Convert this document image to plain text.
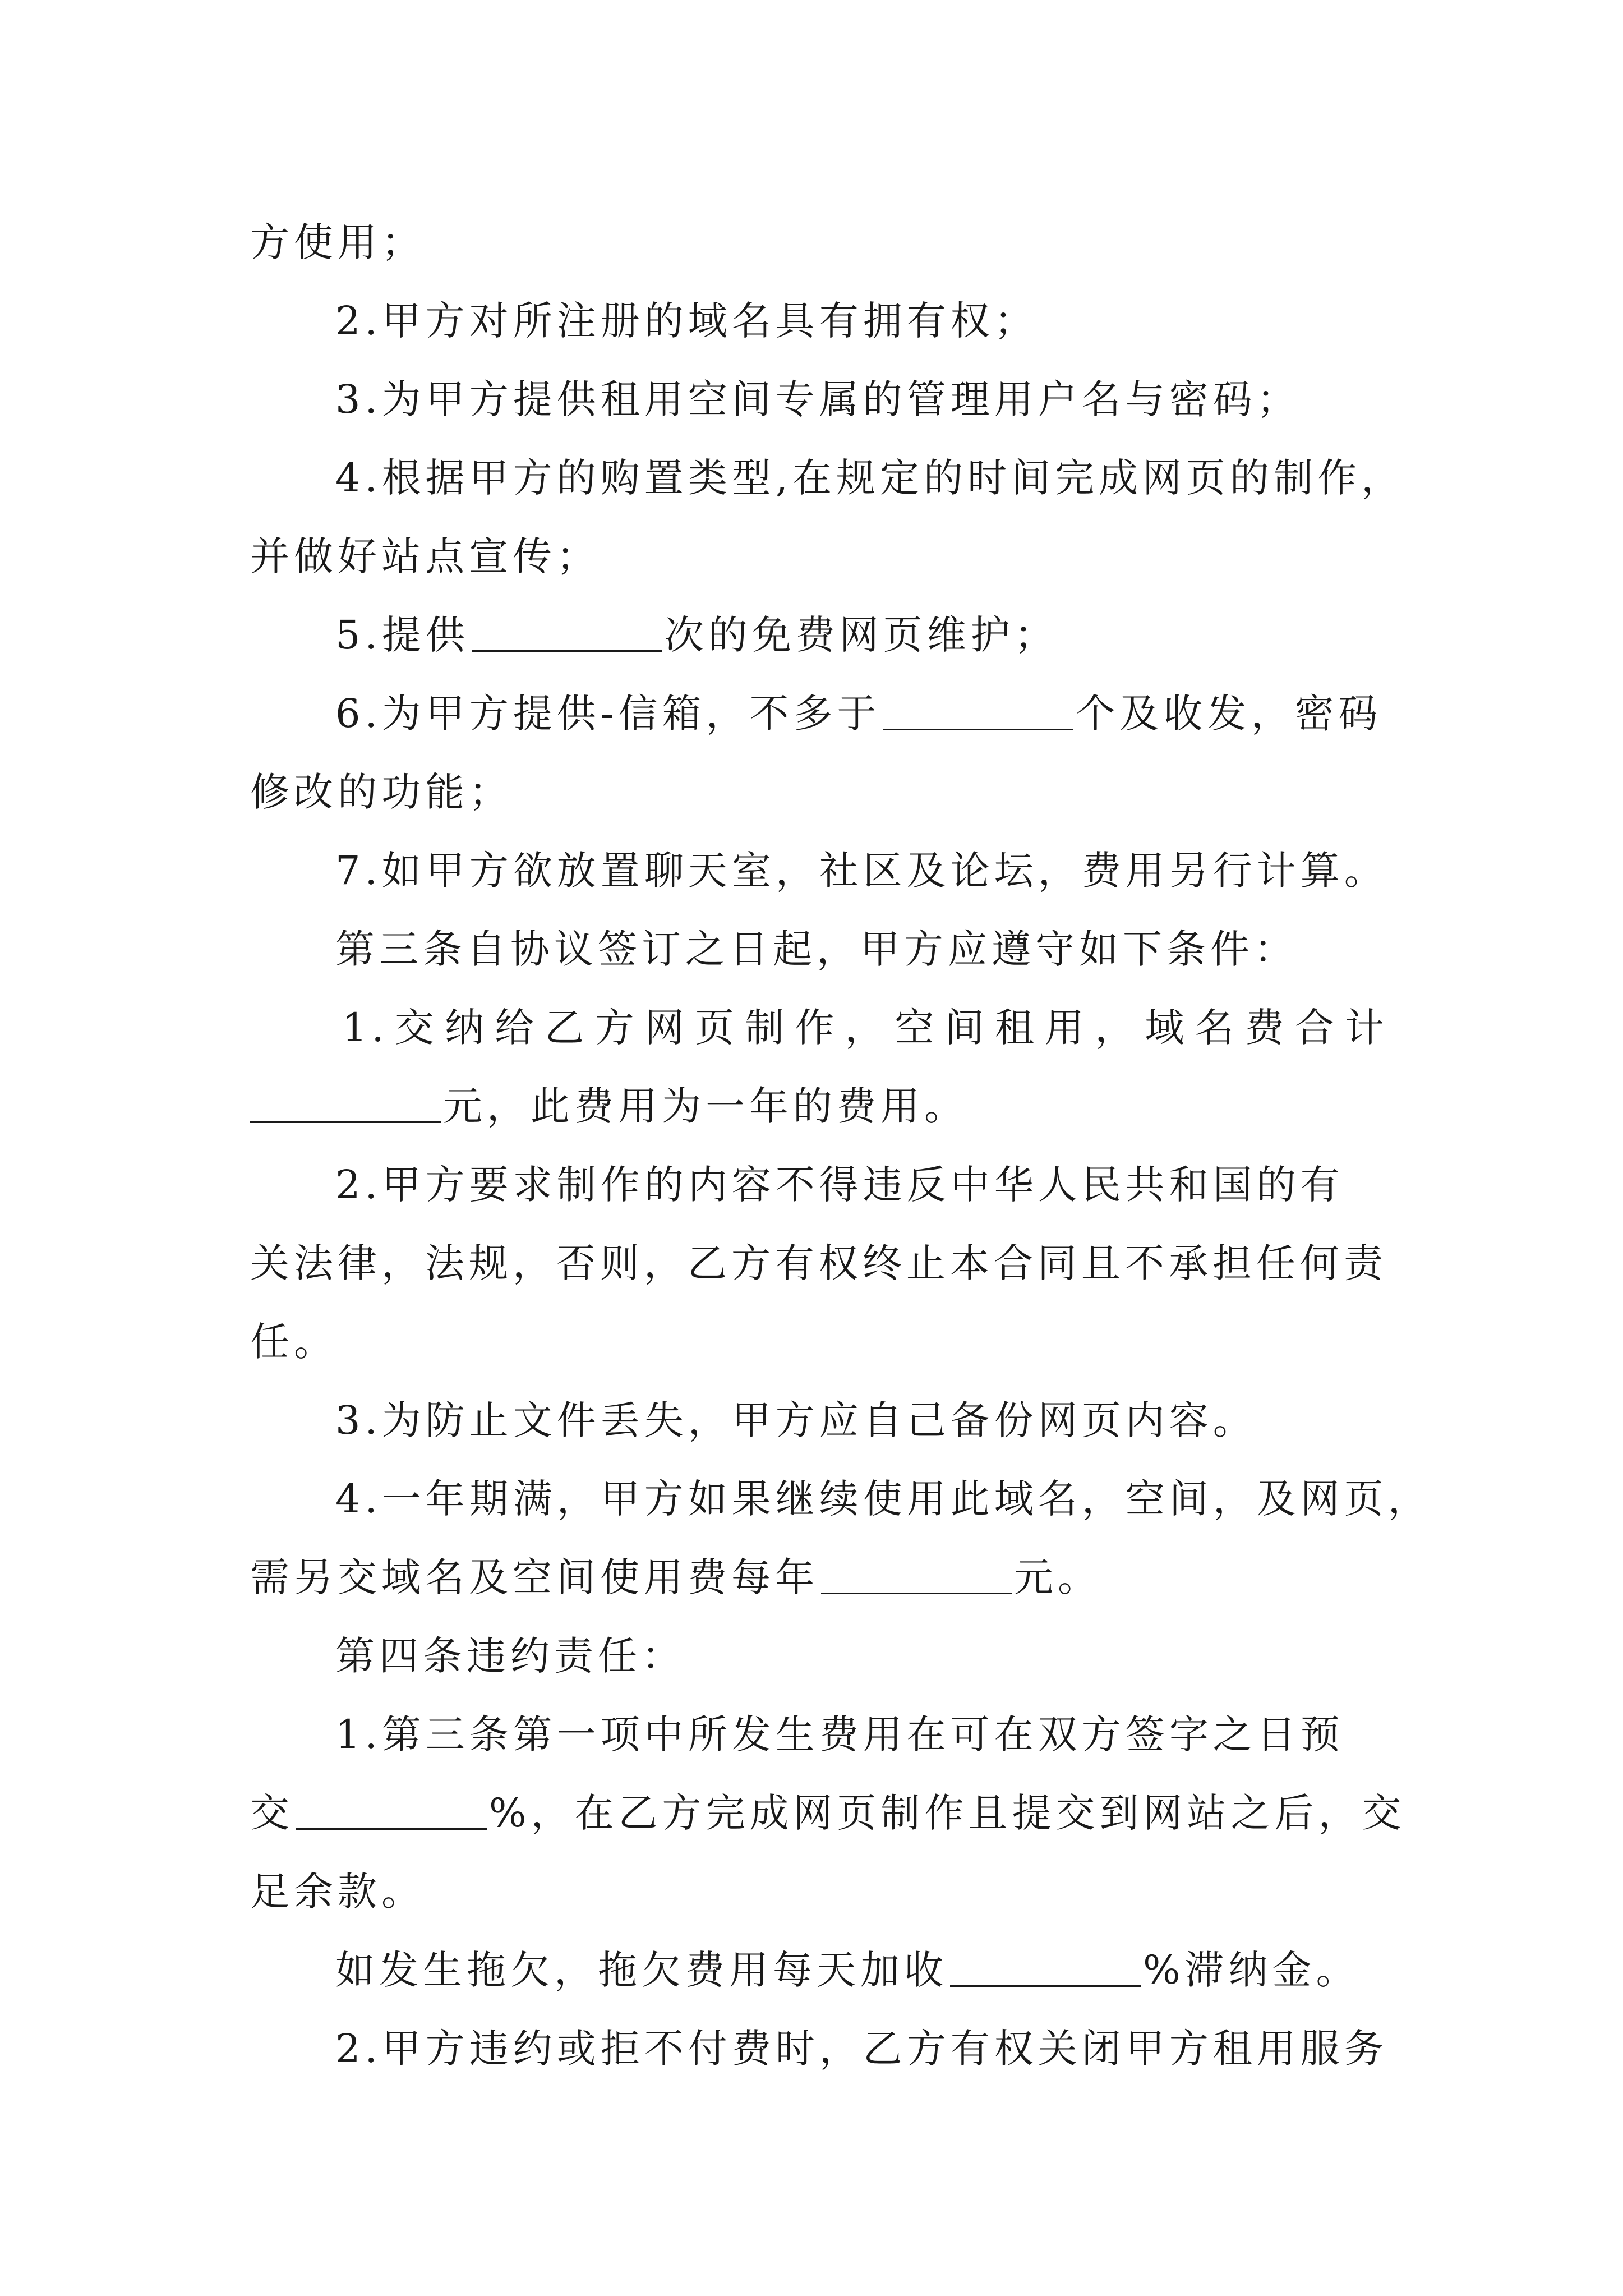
方使用；
2.甲方对所注册的域名具有拥有权；
3.为甲方提供租用空间专属的管理用户名与密码；
4.根据甲方的购置类型,在规定的时间完成网页的制作，
并做好站点宣传；
5.提供	次的免费网页维护；
6.为甲方提供-信箱，不多于	个及收发，密码
修改的功能；
7.如甲方欲放置聊天室，社区及论坛，费用另行计算。
第三条自协议签订之日起，甲方应遵守如下条件：
1.交纳给乙方网页制作，空间租用，域名费合计
元，此费用为一年的费用。
2.甲方要求制作的内容不得违反中华人民共和国的有
关法律，法规，否则，乙方有权终止本合同且不承担任何责
任。
3.为防止文件丢失，甲方应自己备份网页内容。
4.一年期满，甲方如果继续使用此域名，空间，及网页，
需另交域名及空间使用费每年	元。
第四条违约责任：
1.第三条第一项中所发生费用在可在双方签字之日预
交	%，在乙方完成网页制作且提交到网站之后，交
足余款。
如发生拖欠，拖欠费用每天加收	%滞纳金。
2.甲方违约或拒不付费时，乙方有权关闭甲方租用服务
